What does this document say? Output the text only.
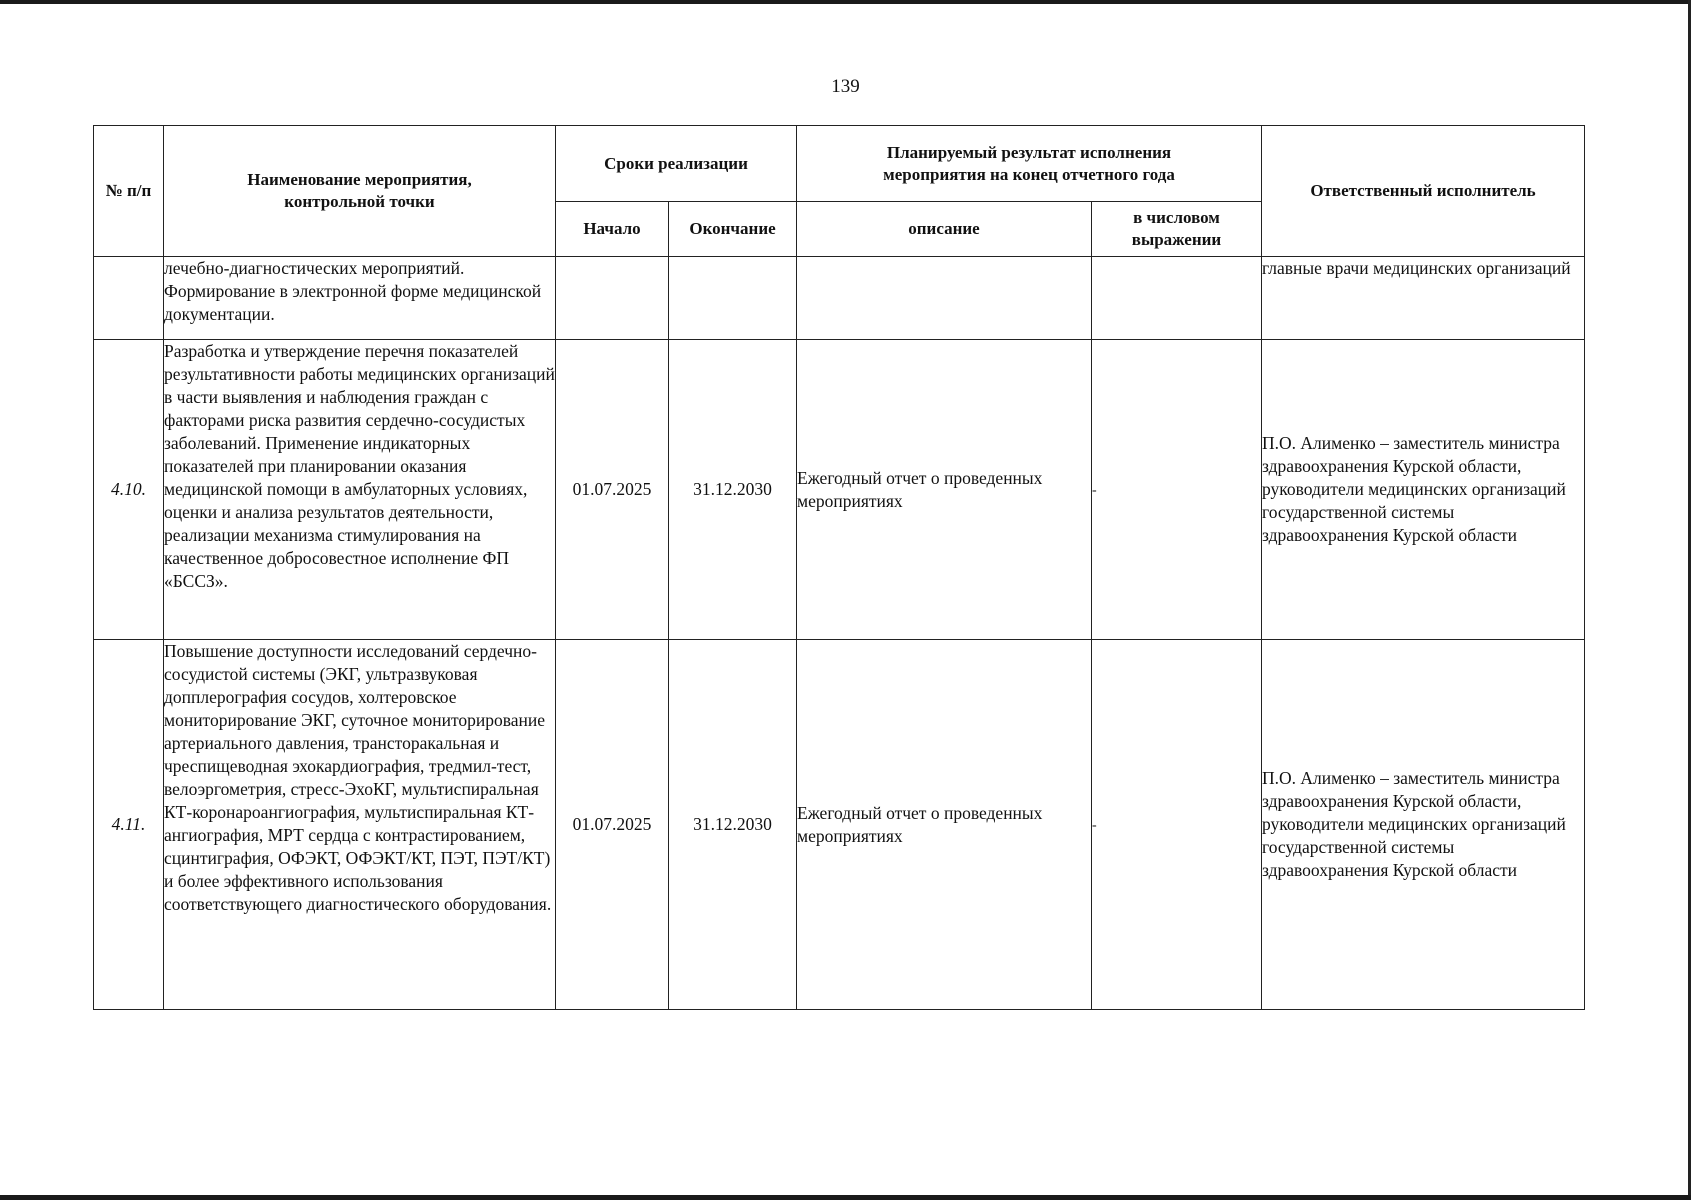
139
№ п/п	Наименование мероприятия, контрольной точки	Сроки реализации		Планируемый результат исполнения мероприятия на конец отчетного года		Ответственный исполнитель
		Начало	Окончание	описание	в числовом выражении	
	лечебно-диагностических мероприятий. Формирование в электронной форме медицинской документации.					главные врачи медицинских организаций
4.10.	Разработка и утверждение перечня показателей результативности работы медицинских организаций в части выявления и наблюдения граждан с факторами риска развития сердечно-сосудистых заболеваний. Применение индикаторных показателей при планировании оказания медицинской помощи в амбулаторных условиях, оценки и анализа результатов деятельности, реализации механизма стимулирования на качественное добросовестное исполнение ФП «БССЗ».	01.07.2025	31.12.2030	Ежегодный отчет о проведенных мероприятиях	-	П.О. Алименко – заместитель министра здравоохранения Курской области, руководители медицинских организаций государственной системы здравоохранения Курской области
4.11.	Повышение доступности исследований сердечно-сосудистой системы (ЭКГ, ультразвуковая допплерография сосудов, холтеровское мониторирование ЭКГ, суточное мониторирование артериального давления, трансторакальная и чреспищеводная эхокардиография, тредмил-тест, велоэргометрия, стресс-ЭхоКГ, мультиспиральная КТ-коронароангиография, мультиспиральная КТ-ангиография, МРТ сердца с контрастированием, сцинтиграфия, ОФЭКТ, ОФЭКТ/КТ, ПЭТ, ПЭТ/КТ) и более эффективного использования соответствующего диагностического оборудования.	01.07.2025	31.12.2030	Ежегодный отчет о проведенных мероприятиях	-	П.О. Алименко – заместитель министра здравоохранения Курской области, руководители медицинских организаций государственной системы здравоохранения Курской области
